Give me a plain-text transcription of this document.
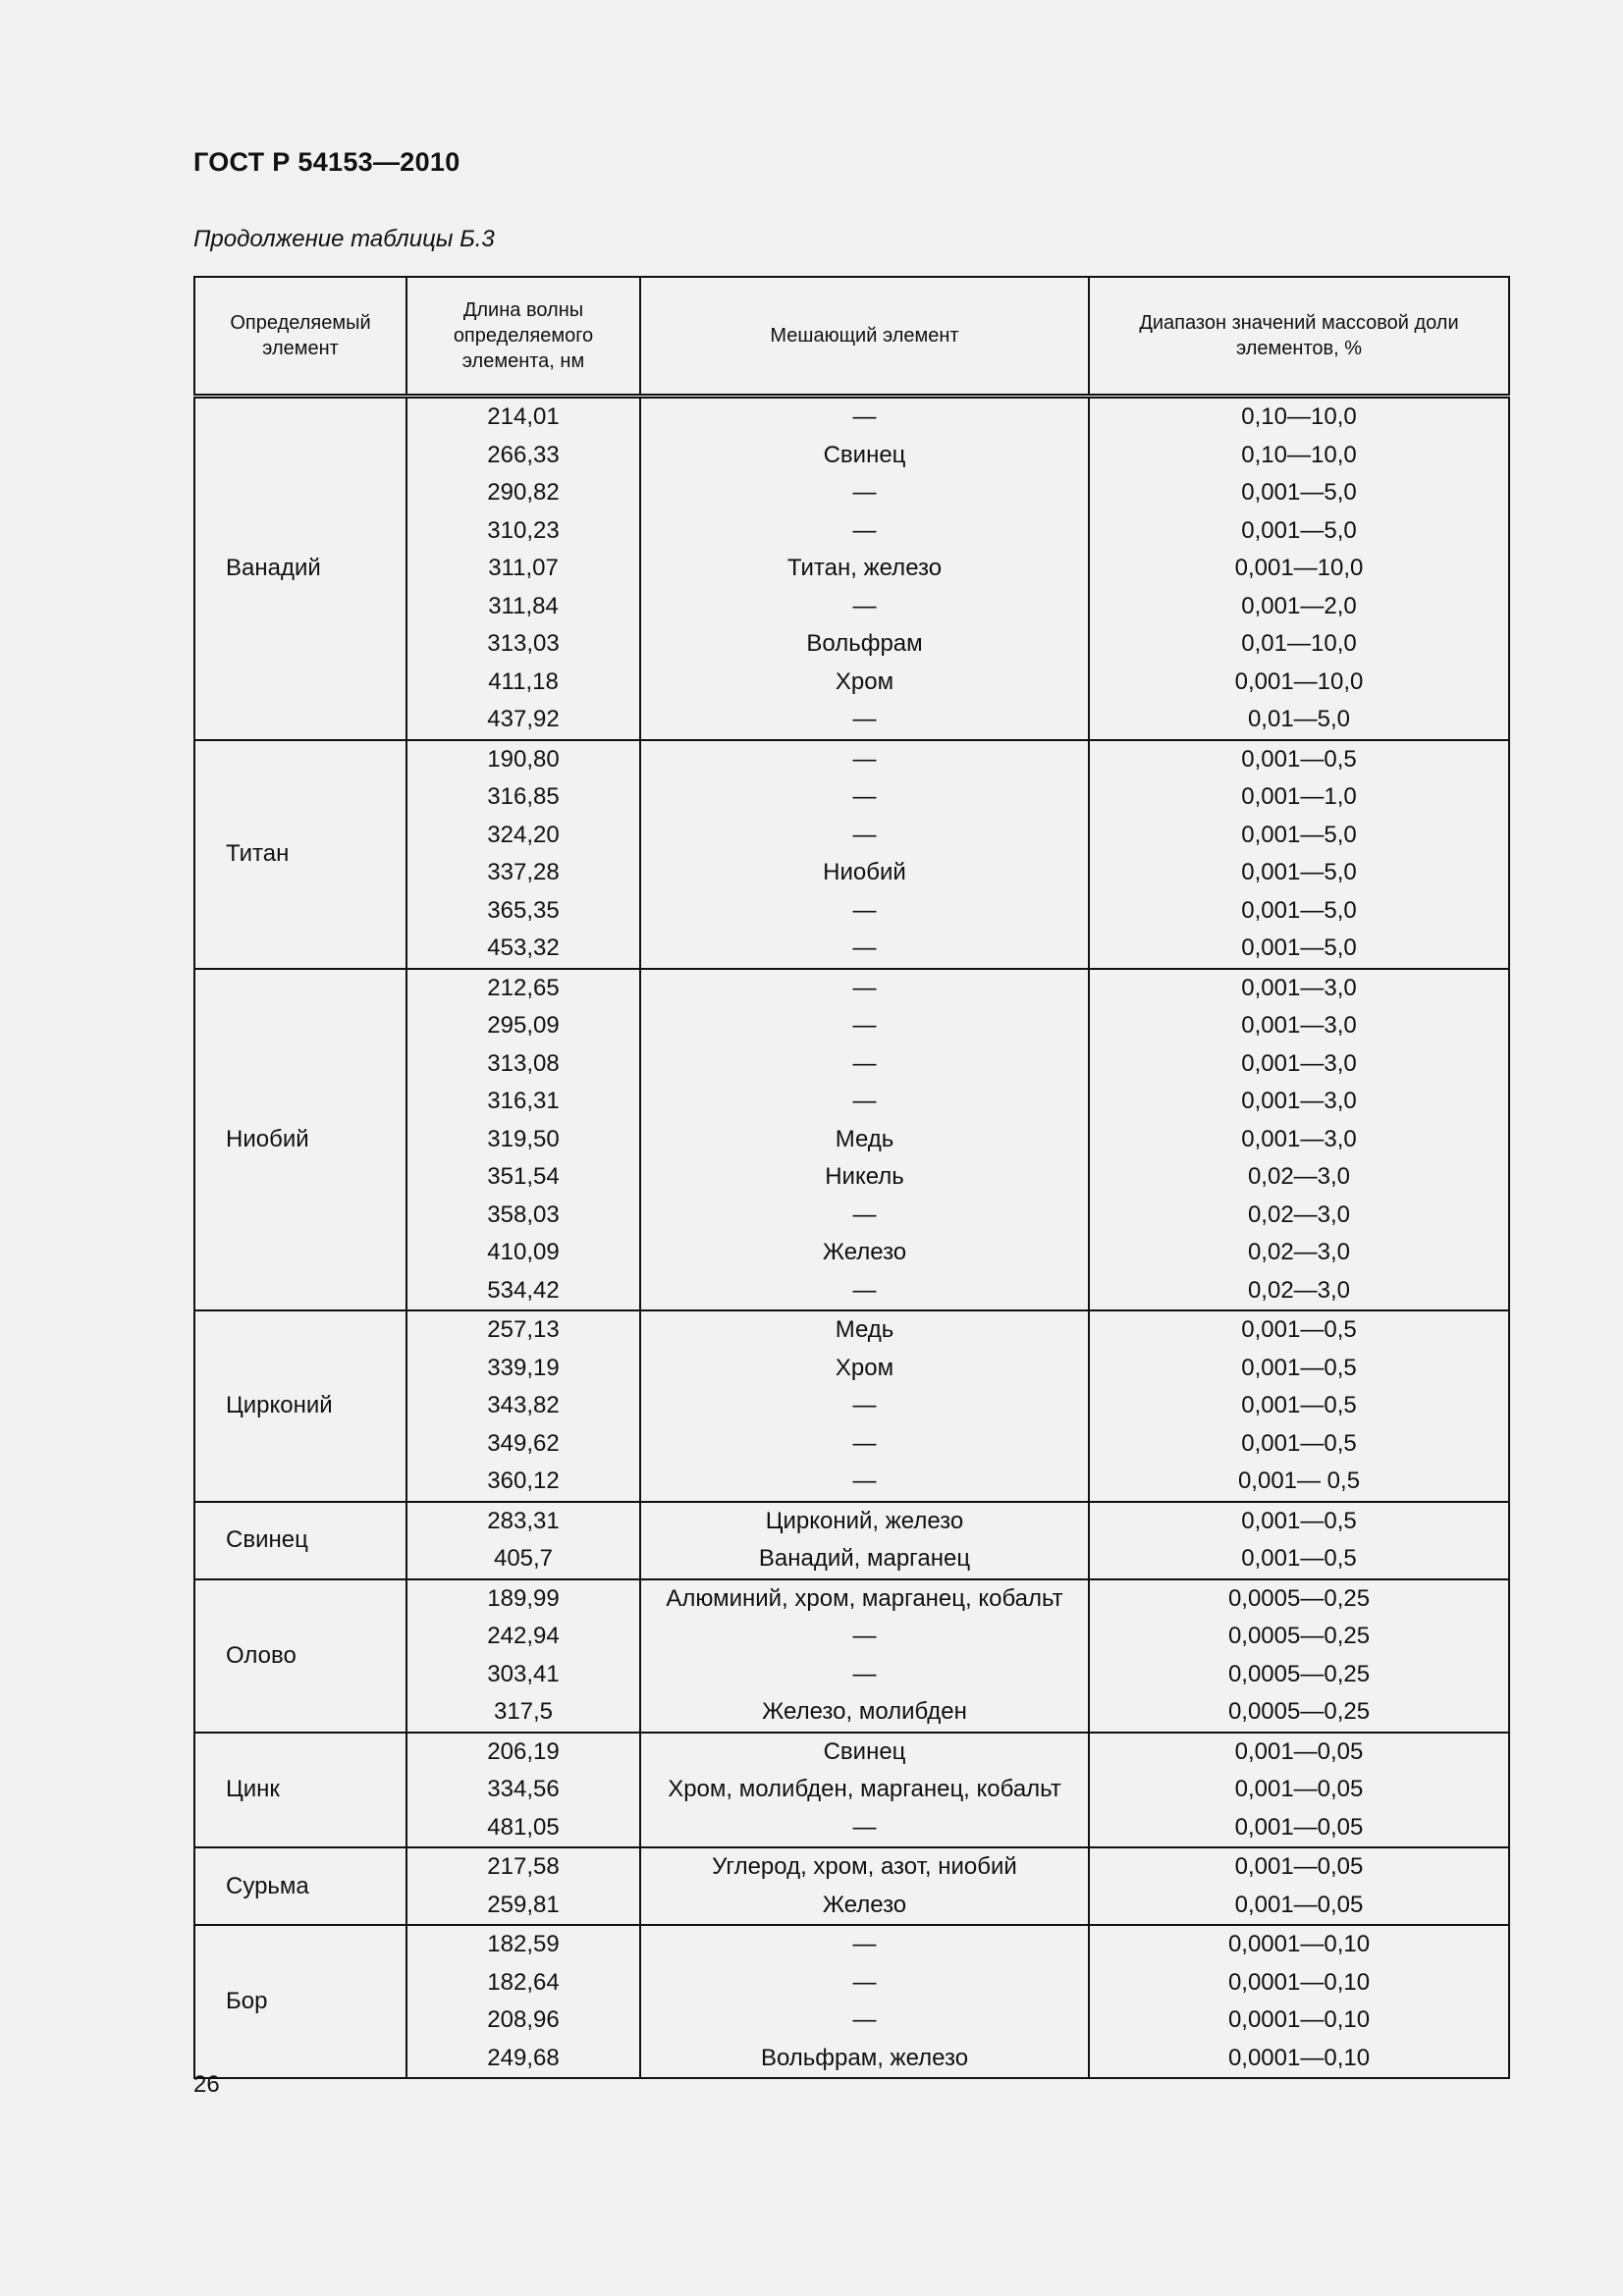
ГОСТ Р 54153—2010
Продолжение таблицы Б.3
Определяемый элемент	Длина волны определяемого элемента, нм	Мешающий элемент	Диапазон значений массовой доли элементов, %
Ванадий	214,01	—	0,10—10,0
	266,33	Свинец	0,10—10,0
	290,82	—	0,001—5,0
	310,23	—	0,001—5,0
	311,07	Титан, железо	0,001—10,0
	311,84	—	0,001—2,0
	313,03	Вольфрам	0,01—10,0
	411,18	Хром	0,001—10,0
	437,92	—	0,01—5,0
Титан	190,80	—	0,001—0,5
	316,85	—	0,001—1,0
	324,20	—	0,001—5,0
	337,28	Ниобий	0,001—5,0
	365,35	—	0,001—5,0
	453,32	—	0,001—5,0
Ниобий	212,65	—	0,001—3,0
	295,09	—	0,001—3,0
	313,08	—	0,001—3,0
	316,31	—	0,001—3,0
	319,50	Медь	0,001—3,0
	351,54	Никель	0,02—3,0
	358,03	—	0,02—3,0
	410,09	Железо	0,02—3,0
	534,42	—	0,02—3,0
Цирконий	257,13	Медь	0,001—0,5
	339,19	Хром	0,001—0,5
	343,82	—	0,001—0,5
	349,62	—	0,001—0,5
	360,12	—	0,001— 0,5
Свинец	283,31	Цирконий, железо	0,001—0,5
	405,7	Ванадий, марганец	0,001—0,5
Олово	189,99	Алюминий, хром, марганец, кобальт	0,0005—0,25
	242,94	—	0,0005—0,25
	303,41	—	0,0005—0,25
	317,5	Железо, молибден	0,0005—0,25
Цинк	206,19	Свинец	0,001—0,05
	334,56	Хром, молибден, марганец, кобальт	0,001—0,05
	481,05	—	0,001—0,05
Сурьма	217,58	Углерод, хром, азот, ниобий	0,001—0,05
	259,81	Железо	0,001—0,05
Бор	182,59	—	0,0001—0,10
	182,64	—	0,0001—0,10
	208,96	—	0,0001—0,10
	249,68	Вольфрам, железо	0,0001—0,10
26
